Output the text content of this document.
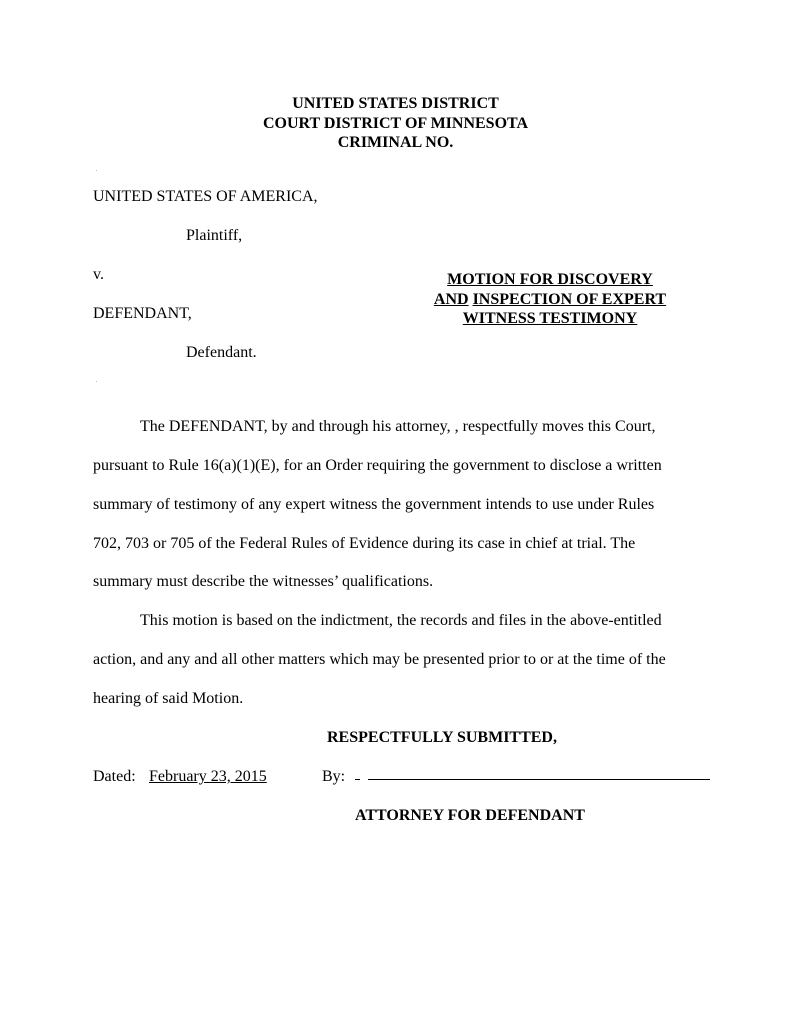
UNITED STATES DISTRICT
COURT DISTRICT OF MINNESOTA
CRIMINAL NO.
UNITED STATES OF AMERICA,
Plaintiff,
v.
DEFENDANT,
Defendant.
MOTION FOR DISCOVERY
AND INSPECTION OF EXPERT
WITNESS TESTIMONY
The DEFENDANT, by and through his attorney, , respectfully moves this Court,
pursuant to Rule 16(a)(1)(E), for an Order requiring the government to disclose a written
summary of testimony of any expert witness the government intends to use under Rules
702, 703 or 705 of the Federal Rules of Evidence during its case in chief at trial. The
summary must describe the witnesses’ qualifications.
This motion is based on the indictment, the records and files in the above-entitled
action, and any and all other matters which may be presented prior to or at the time of the
hearing of said Motion.
RESPECTFULLY SUBMITTED,
Dated: February 23, 2015	By:
ATTORNEY FOR DEFENDANT
